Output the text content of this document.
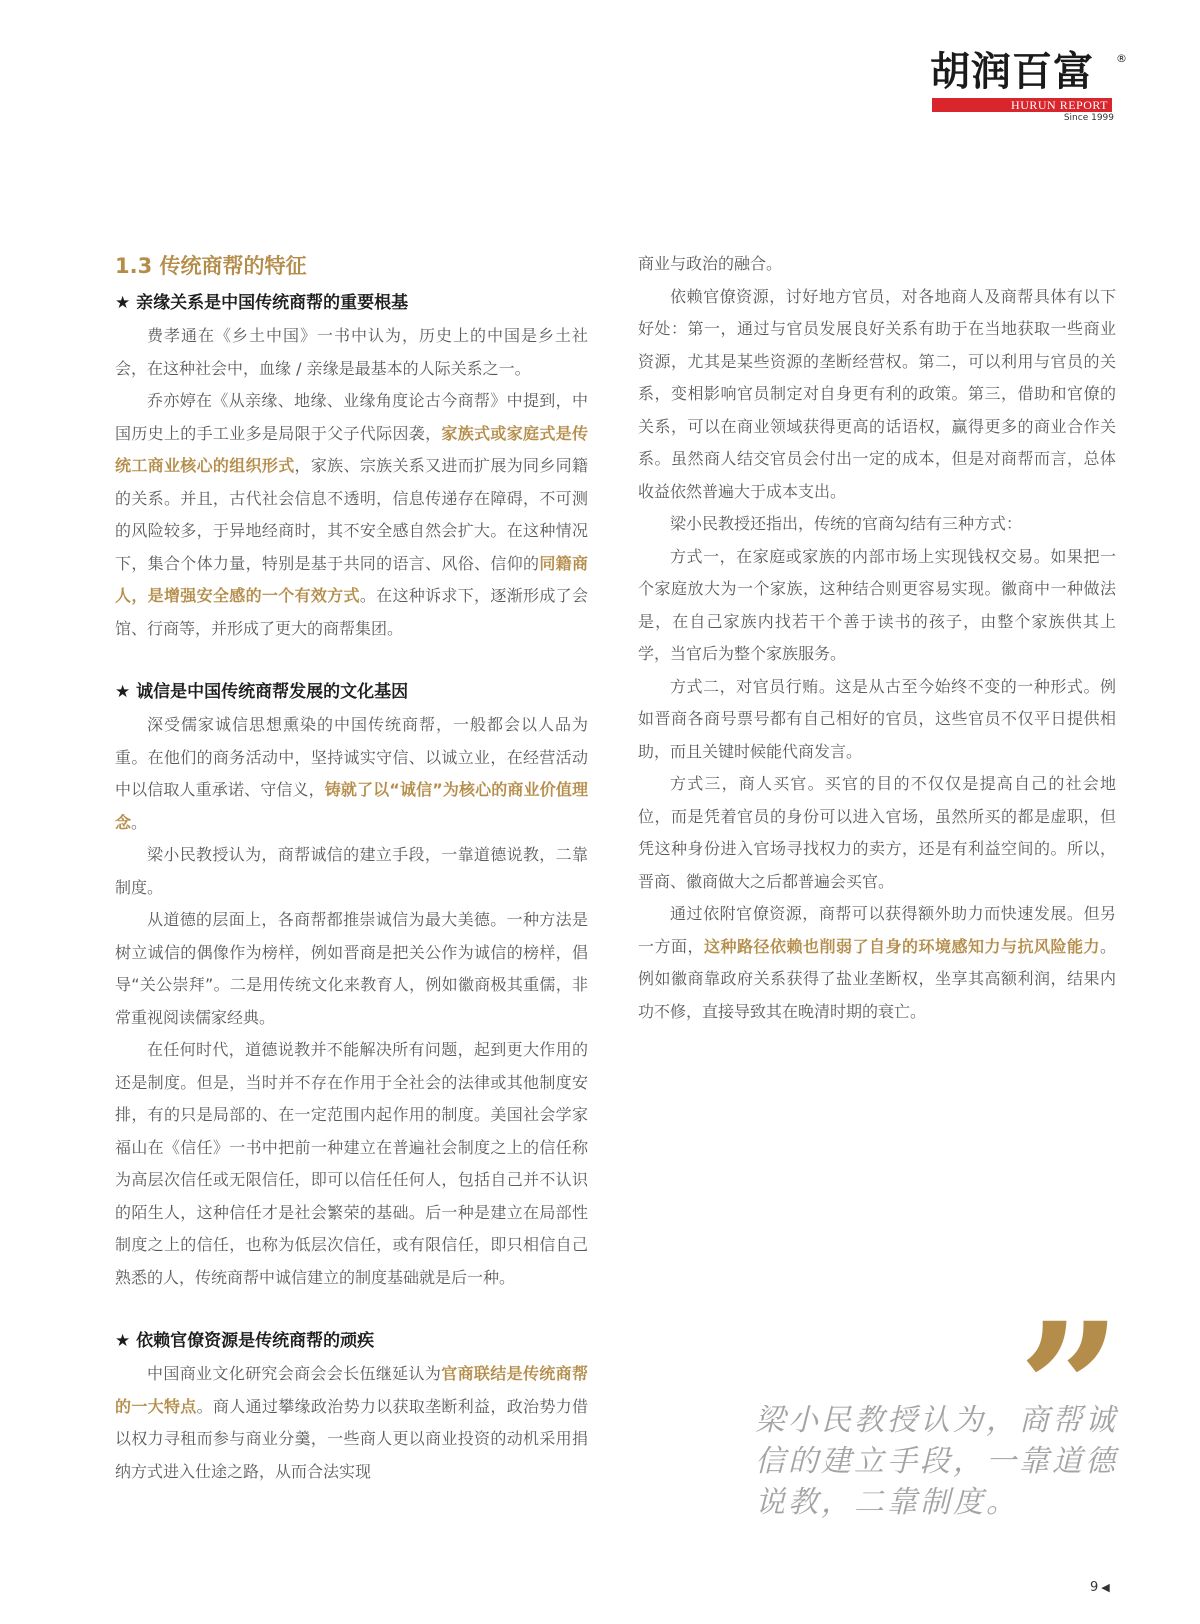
胡润百富	®
HURUN REPORT
Since 1999
1.3 传统商帮的特征
★ 亲缘关系是中国传统商帮的重要根基

费孝通在《乡土中国》一书中认为，历史上的中国是乡土社会，在这种社会中，血缘 / 亲缘是最基本的人际关系之一。

乔亦婷在《从亲缘、地缘、业缘角度论古今商帮》中提到，中国历史上的手工业多是局限于父子代际因袭，家族式或家庭式是传统工商业核心的组织形式，家族、宗族关系又进而扩展为同乡同籍的关系。并且，古代社会信息不透明，信息传递存在障碍，不可测的风险较多，于异地经商时，其不安全感自然会扩大。在这种情况下，集合个体力量，特别是基于共同的语言、风俗、信仰的同籍商人，是增强安全感的一个有效方式。在这种诉求下，逐渐形成了会馆、行商等，并形成了更大的商帮集团。

★ 诚信是中国传统商帮发展的文化基因

深受儒家诚信思想熏染的中国传统商帮，一般都会以人品为重。在他们的商务活动中，坚持诚实守信、以诚立业，在经营活动中以信取人重承诺、守信义，铸就了以“诚信”为核心的商业价值理念。

梁小民教授认为，商帮诚信的建立手段，一靠道德说教，二靠制度。

从道德的层面上，各商帮都推崇诚信为最大美德。一种方法是树立诚信的偶像作为榜样，例如晋商是把关公作为诚信的榜样，倡导“关公崇拜”。二是用传统文化来教育人，例如徽商极其重儒，非常重视阅读儒家经典。

在任何时代，道德说教并不能解决所有问题，起到更大作用的还是制度。但是，当时并不存在作用于全社会的法律或其他制度安排，有的只是局部的、在一定范围内起作用的制度。美国社会学家福山在《信任》一书中把前一种建立在普遍社会制度之上的信任称为高层次信任或无限信任，即可以信任任何人，包括自己并不认识的陌生人，这种信任才是社会繁荣的基础。后一种是建立在局部性制度之上的信任，也称为低层次信任，或有限信任，即只相信自己熟悉的人，传统商帮中诚信建立的制度基础就是后一种。

★ 依赖官僚资源是传统商帮的顽疾

中国商业文化研究会商会会长伍继延认为官商联结是传统商帮的一大特点。商人通过攀缘政治势力以获取垄断利益，政治势力借以权力寻租而参与商业分羹，一些商人更以商业投资的动机采用捐纳方式进入仕途之路，从而合法实现

商业与政治的融合。

依赖官僚资源，讨好地方官员，对各地商人及商帮具体有以下好处：第一，通过与官员发展良好关系有助于在当地获取一些商业资源，尤其是某些资源的垄断经营权。第二，可以利用与官员的关系，变相影响官员制定对自身更有利的政策。第三，借助和官僚的关系，可以在商业领域获得更高的话语权，赢得更多的商业合作关系。虽然商人结交官员会付出一定的成本，但是对商帮而言，总体收益依然普遍大于成本支出。

梁小民教授还指出，传统的官商勾结有三种方式：

方式一，在家庭或家族的内部市场上实现钱权交易。如果把一个家庭放大为一个家族，这种结合则更容易实现。徽商中一种做法是，在自己家族内找若干个善于读书的孩子，由整个家族供其上学，当官后为整个家族服务。

方式二，对官员行贿。这是从古至今始终不变的一种形式。例如晋商各商号票号都有自己相好的官员，这些官员不仅平日提供相助，而且关键时候能代商发言。

方式三，商人买官。买官的目的不仅仅是提高自己的社会地位，而是凭着官员的身份可以进入官场，虽然所买的都是虚职，但凭这种身份进入官场寻找权力的卖方，还是有利益空间的。所以，晋商、徽商做大之后都普遍会买官。

通过依附官僚资源，商帮可以获得额外助力而快速发展。但另一方面，这种路径依赖也削弱了自身的环境感知力与抗风险能力。例如徽商靠政府关系获得了盐业垄断权，坐享其高额利润，结果内功不修，直接导致其在晚清时期的衰亡。

”
梁小民教授认为，商帮诚信的建立手段，一靠道德说教，二靠制度。
9 ◀
